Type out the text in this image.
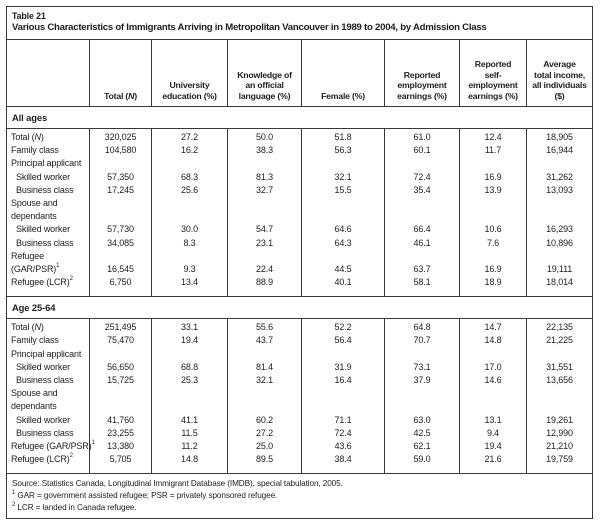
Table 21
Various Characteristics of Immigrants Arriving in Metropolitan Vancouver in 1989 to 2004, by Admission Class
Total (N)
University
education (%)
Knowledge of
an official
language (%)	Female (%)
Reported
employment
earnings (%)
Reported
self-
employment
earnings (%)
Average
total income,
all individuals
($)
All ages
Total (N)
Family class
Principal applicant
Skilled worker
Business class
Spouse and
dependants
Skilled worker
Business class
Refugee
(GAR/PSR)$^1$
Refugee (LCR)$^2$
320,025
104,580
57,350
17,245
57,730
34,085
16,545
6,750
27.2
16.2
68.3
25.6
30.0
8.3
9.3
13.4
50.0
38.3
81.3
32.7
54.7
23.1
22.4
88.9
51.8
56.3
32.1
15.5
64.6
64.3
44.5
40.1
61.0
60.1
72.4
35.4
66.4
46.1
63.7
58.1
12.4
11.7
16.9
13.9
10.6
7.6
16.9
18.9
18,905
16,944
31,262
13,093
16,293
10,896
19,111
18,014
Age 25-64
Total (N)
Family class
Principal applicant
Skilled worker
Business class
Spouse and
dependants
Skilled worker
Business class
Refugee (GAR/PSR)$^1$
Refugee (LCR)$^2$
251,495
75,470
56,650
15,725
41,760
23,255
13,380
5,705
33.1
19.4
68.8
25.3
41.1
11.5
11.2
14.8
55.6
43.7
81.4
32.1
60.2
27.2
25.0
89.5
52.2
56.4
31.9
16.4
71.1
72.4
43.6
38.4
64.8
70.7
73.1
37.9
63.0
42.5
62.1
59.0
14.7
14.8
17.0
14.6
13.1
9.4
19.4
21.6
22,135
21,225
31,551
13,656
19,261
12,990
21,210
19,759
Source: Statistics Canada, Longitudinal Immigrant Database (IMDB), special tabulation, 2005.
$^1$ GAR = government assisted refugee; PSR = privately sponsored refugee.
$^2$ LCR = landed in Canada refugee.
